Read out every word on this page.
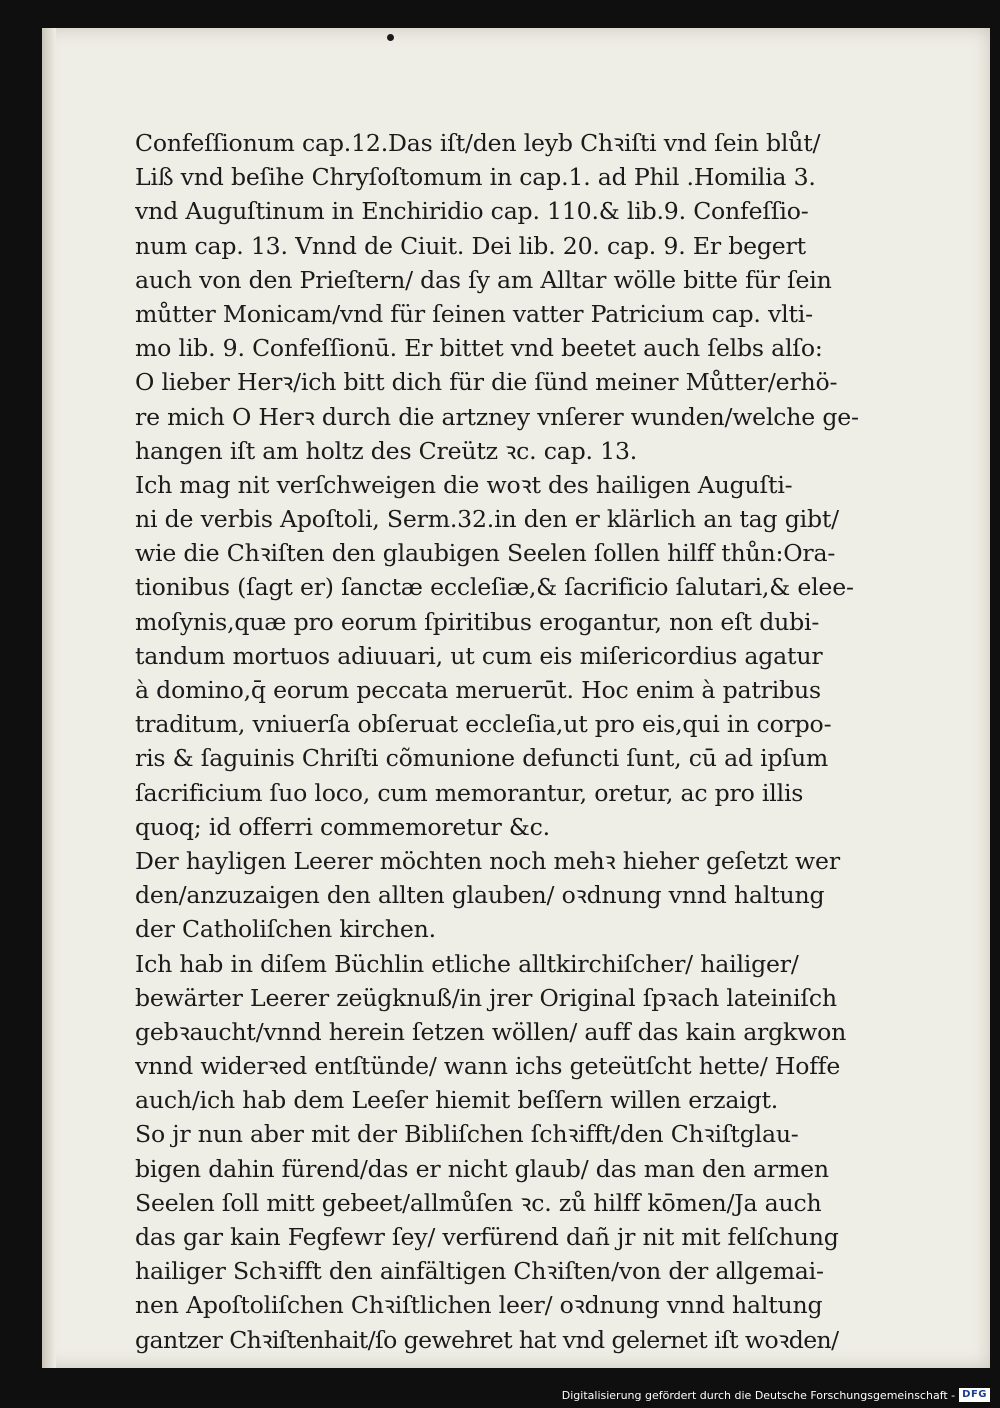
Confeſſionum cap.12.Das iſt/den leyb Chꝛiſti vnd ſein blůt/
Liß vnd beſihe Chryſoſtomum in cap.1. ad Phil .Homilia 3.
vnd Auguſtinum in Enchiridio cap. 110.& lib.9. Confeſſio-
num cap. 13. Vnnd de Ciuit. Dei lib. 20. cap. 9. Er begert
auch von den Prieſtern/ das ſy am Alltar wölle bitte für ſein
můtter Monicam/vnd für ſeinen vatter Patricium cap. vlti-
mo lib. 9. Confeſſionū. Er bittet vnd beetet auch ſelbs alſo:
O lieber Herꝛ/ich bitt dich für die ſünd meiner Můtter/erhö-
re mich O Herꝛ durch die artzney vnſerer wunden/welche ge-
hangen iſt am holtz des Creütz ꝛc. cap. 13.
Ich mag nit verſchweigen die woꝛt des hailigen Auguſti-
ni de verbis Apoſtoli, Serm.32.in den er klärlich an tag gibt/
wie die Chꝛiſten den glaubigen Seelen ſollen hilff thůn:Ora-
tionibus (ſagt er) ſanctæ eccleſiæ,& ſacrificio ſalutari,& elee-
moſynis,quæ pro eorum ſpiritibus erogantur, non eſt dubi-
tandum mortuos adiuuari, ut cum eis miſericordius agatur
à domino,q̄ eorum peccata meruerūt. Hoc enim à patribus
traditum, vniuerſa obſeruat eccleſia,ut pro eis,qui in corpo-
ris & ſaguinis Chriſti cõmunione defuncti ſunt, cū ad ipſum
ſacrificium ſuo loco, cum memorantur, oretur, ac pro illis
quoq; id offerri commemoretur &c.
Der hayligen Leerer möchten noch mehꝛ hieher geſetzt wer
den/anzuzaigen den allten glauben/ oꝛdnung vnnd haltung
der Catholiſchen kirchen.
Ich hab in diſem Büchlin etliche alltkirchiſcher/ hailiger/
bewärter Leerer zeügknuß/in jrer Original ſpꝛach lateiniſch
gebꝛaucht/vnnd herein ſetzen wöllen/ auff das kain argkwon
vnnd widerꝛed entſtünde/ wann ichs geteütſcht hette/ Hoffe
auch/ich hab dem Leeſer hiemit beſſern willen erzaigt.
So jr nun aber mit der Bibliſchen ſchꝛifft/den Chꝛiſtglau-
bigen dahin fürend/das er nicht glaub/ das man den armen
Seelen ſoll mitt gebeet/allmůſen ꝛc. zů hilff kōmen/Ja auch
das gar kain Fegfewr ſey/ verfürend dañ jr nit mit felſchung
hailiger Schꝛifft den ainfältigen Chꝛiſten/von der allgemai-
nen Apoſtoliſchen Chꝛiſtlichen leer/ oꝛdnung vnnd haltung
gantzer Chꝛiſtenhait/ſo gewehret hat vnd gelernet iſt woꝛden/
Digitalisierung gefördert durch die Deutsche Forschungsgemeinschaft - DFG
